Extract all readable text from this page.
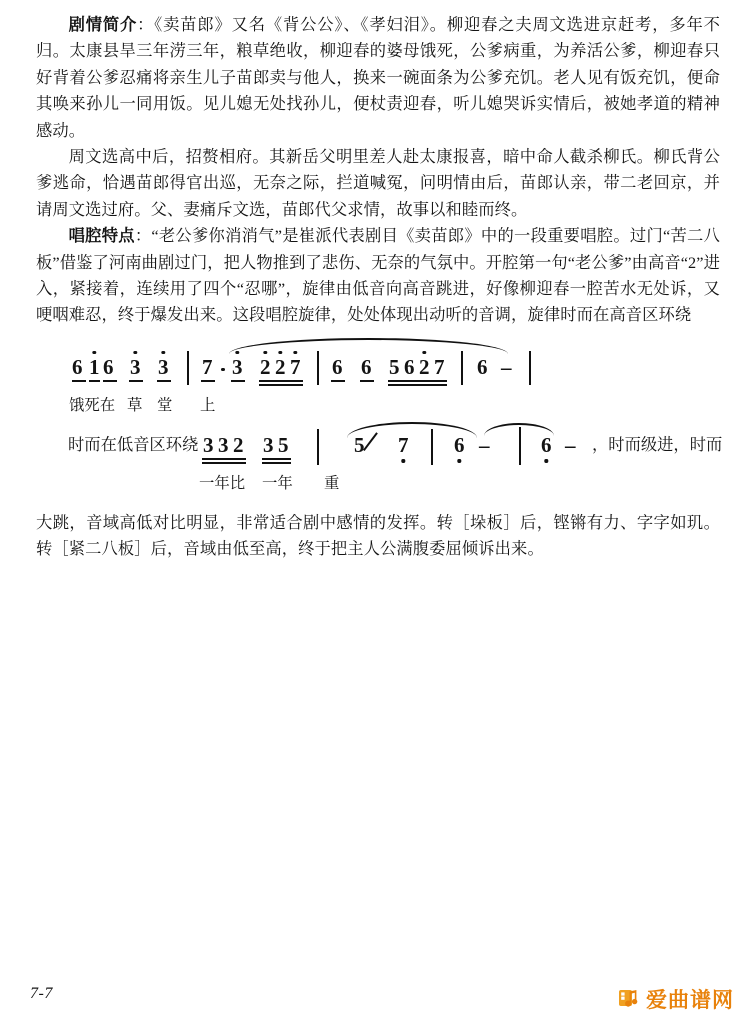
剧情简介：《卖苗郎》又名《背公公》、《孝妇泪》。柳迎春之夫周文选进京赶考，多年不归。太康县旱三年涝三年，粮草绝收，柳迎春的婆母饿死，公爹病重，为养活公爹，柳迎春只好背着公爹忍痛将亲生儿子苗郎卖与他人，换来一碗面条为公爹充饥。老人见有饭充饥，便命其唤来孙儿一同用饭。见儿媳无处找孙儿，便杖责迎春，听儿媳哭诉实情后，被她孝道的精神感动。

周文选高中后，招赘相府。其新岳父明里差人赴太康报喜，暗中命人截杀柳氏。柳氏背公爹逃命，恰遇苗郎得官出巡，无奈之际，拦道喊冤，问明情由后，苗郎认亲，带二老回京，并请周文选过府。父、妻痛斥文选，苗郎代父求情，故事以和睦而终。

唱腔特点：“老公爹你消消气”是崔派代表剧目《卖苗郎》中的一段重要唱腔。过门“苦二八板”借鉴了河南曲剧过门，把人物推到了悲伤、无奈的气氛中。开腔第一句“老公爹”由高音“2”进入，紧接着，连续用了四个“忍哪”，旋律由低音向高音跳进，好像柳迎春一腔苦水无处诉，又哽咽难忍，终于爆发出来。这段唱腔旋律，处处体现出动听的音调，旋律时而在高音区环绕

6 1 6 3 3 7 3 2 2 7 6 6 5 6 2 7 6 –
饿死在 草 堂 上
时而在低音区环绕 3 3 2 3 5	5 7 6 – 6 – ，时而级进，时而
一年比 一年 重

大跳，音域高低对比明显，非常适合剧中感情的发挥。转［垛板］后，铿锵有力、字字如玑。转［紧二八板］后，音域由低至高，终于把主人公满腹委屈倾诉出来。

7-7	爱曲谱网
